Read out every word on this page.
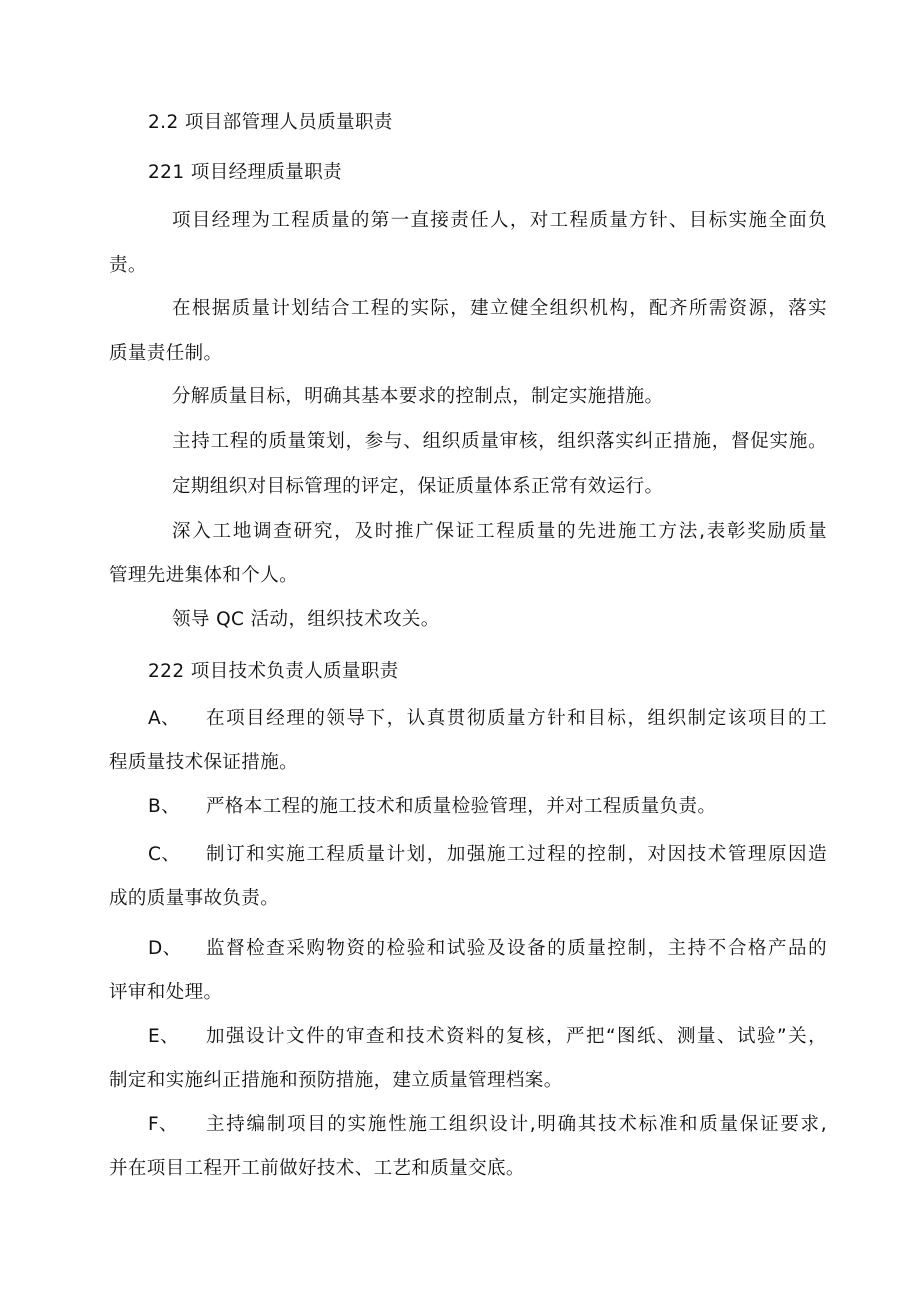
2.2 项目部管理人员质量职责
221 项目经理质量职责
项目经理为工程质量的第一直接责任人，对工程质量方针、目标实施全面负
责。
在根据质量计划结合工程的实际，建立健全组织机构，配齐所需资源，落实
质量责任制。
分解质量目标，明确其基本要求的控制点，制定实施措施。
主持工程的质量策划，参与、组织质量审核，组织落实纠正措施，督促实施。
定期组织对目标管理的评定，保证质量体系正常有效运行。
深入工地调查研究，及时推广保证工程质量的先进施工方法,表彰奖励质量
管理先进集体和个人。
领导 QC 活动，组织技术攻关。
222 项目技术负责人质量职责
A、 在项目经理的领导下，认真贯彻质量方针和目标，组织制定该项目的工
程质量技术保证措施。
B、 严格本工程的施工技术和质量检验管理，并对工程质量负责。
C、 制订和实施工程质量计划，加强施工过程的控制，对因技术管理原因造
成的质量事故负责。
D、 监督检查采购物资的检验和试验及设备的质量控制，主持不合格产品的
评审和处理。
E、 加强设计文件的审查和技术资料的复核，严把“图纸、测量、试验”关，
制定和实施纠正措施和预防措施，建立质量管理档案。
F、 主持编制项目的实施性施工组织设计,明确其技术标准和质量保证要求,
并在项目工程开工前做好技术、工艺和质量交底。
